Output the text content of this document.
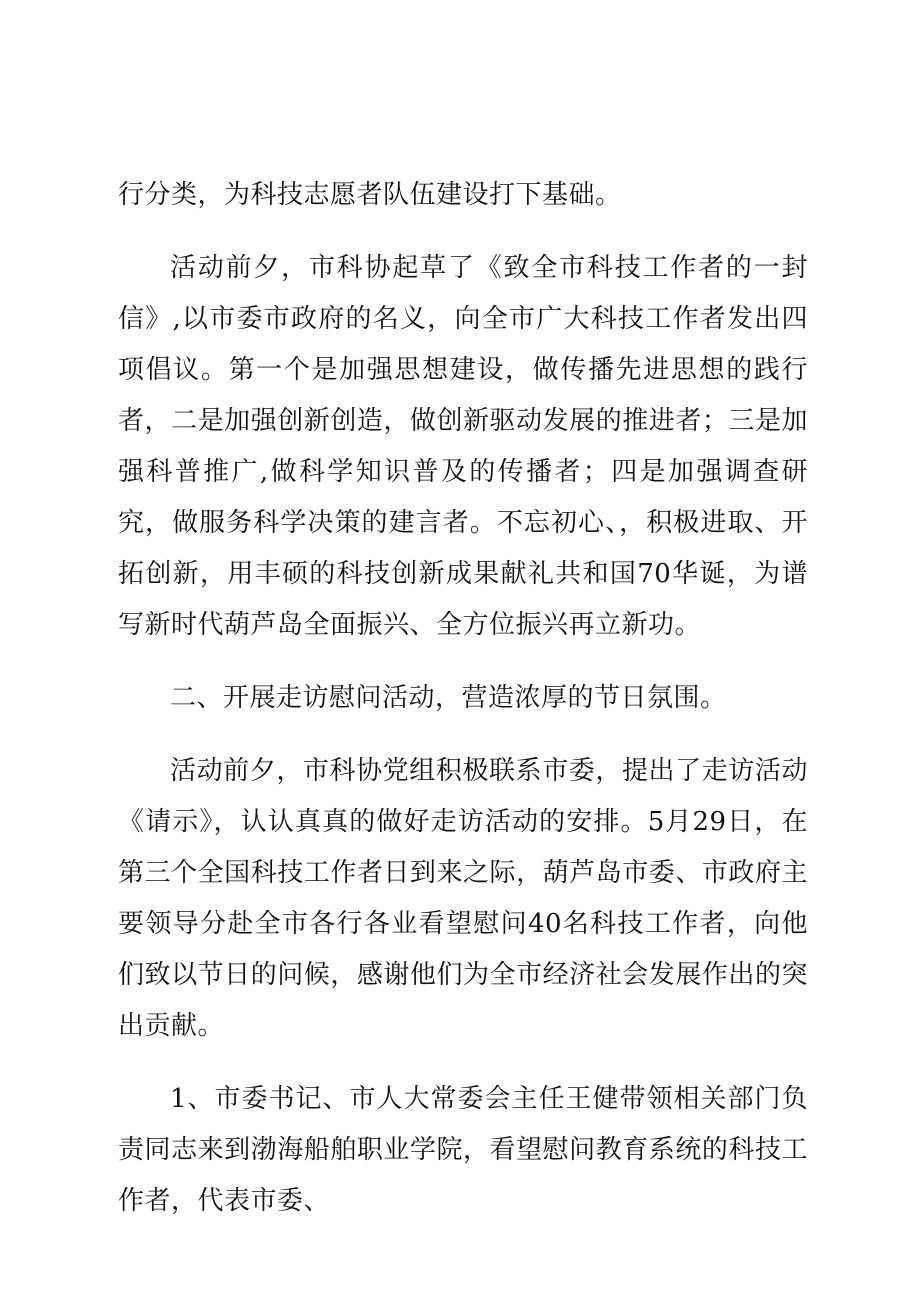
行分类，为科技志愿者队伍建设打下基础。

活动前夕，市科协起草了《致全市科技工作者的一封信》,以市委市政府的名义，向全市广大科技工作者发出四项倡议。第一个是加强思想建设，做传播先进思想的践行者，二是加强创新创造，做创新驱动发展的推进者；三是加强科普推广,做科学知识普及的传播者；四是加强调查研究，做服务科学决策的建言者。不忘初心、，积极进取、开拓创新，用丰硕的科技创新成果献礼共和国70华诞，为谱写新时代葫芦岛全面振兴、全方位振兴再立新功。

二、开展走访慰问活动，营造浓厚的节日氛围。

活动前夕，市科协党组积极联系市委，提出了走访活动《请示》，认认真真的做好走访活动的安排。5月29日，在第三个全国科技工作者日到来之际，葫芦岛市委、市政府主要领导分赴全市各行各业看望慰问40名科技工作者，向他们致以节日的问候，感谢他们为全市经济社会发展作出的突出贡献。

1、市委书记、市人大常委会主任王健带领相关部门负责同志来到渤海船舶职业学院，看望慰问教育系统的科技工作者，代表市委、
